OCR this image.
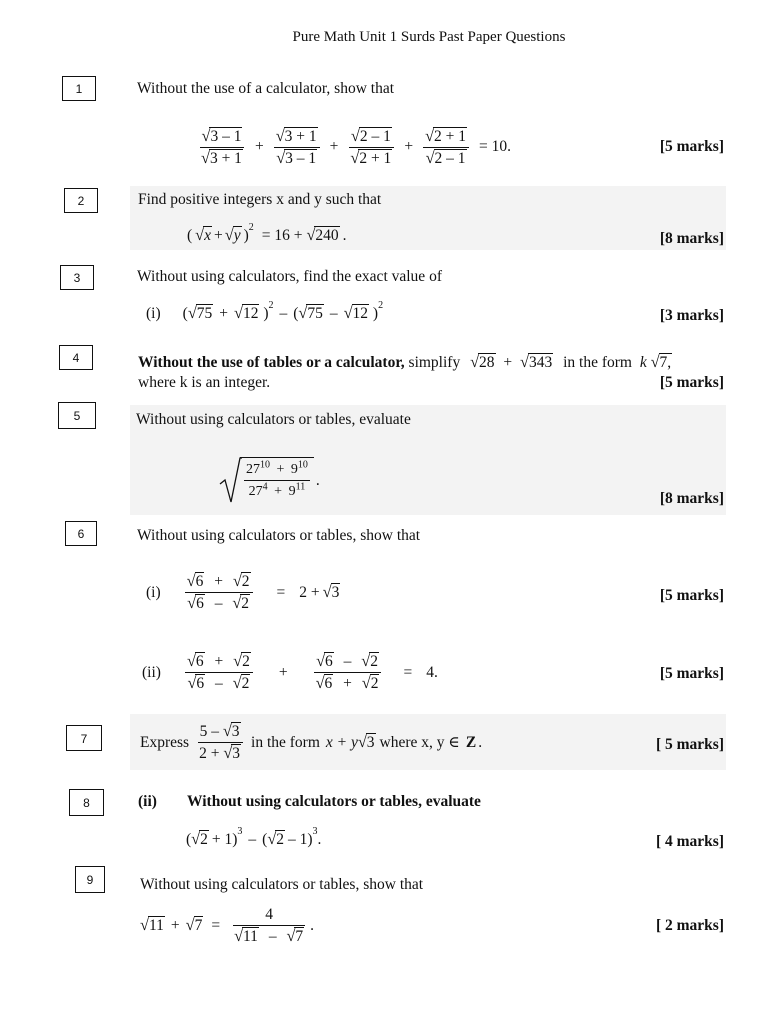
Pure Math Unit 1 Surds Past Paper Questions
1	Without the use of a calculator, show that
$\frac{√3 - 1}{√3 + 1} + \frac{√3 + 1}{√3 - 1} + \frac{√2 - 1}{√2 + 1} + \frac{√2 + 1}{√2 - 1} = 10$.	[5 marks]
2	Find positive integers x and y such that
( √x + √y )$^2$ = 16 + √240 .	[8 marks]
3	Without using calculators, find the exact value of
(i) ( √75 + √12 )$^2$ – ( √75 – √12 )$^2$
[3 marks]
4	Without the use of tables or a calculator, simplify √28 + √343 in the form k √7,
where k is an integer.	[5 marks]
5	Without using calculators or tables, evaluate
$\frac{27^{10} + 9^{10}}{27^4 + 9^{11}}$ .
[8 marks]
6	Without using calculators or tables, show that
$(i) \frac{√6 + √2}{√6 - √2} = 2 + √3$	[5 marks]
$(ii) \frac{√6 + √2}{√6 - √2} + \frac{√6 - √2}{√6 + √2} = 4$.	[5 marks]
7	Express $\frac{5 - √3}{2 + √3}$ in the form x + y √3 where x, y ∈ Z .	[ 5 marks]
8	(ii) Without using calculators or tables, evaluate
( √2 + 1)$^3$ – ( √2 – 1)$^3$ .	[ 4 marks]
9	Without using calculators or tables, show that
$√11 + √7 = \frac{4}{√11 - √7}$ .	[ 2 marks]
